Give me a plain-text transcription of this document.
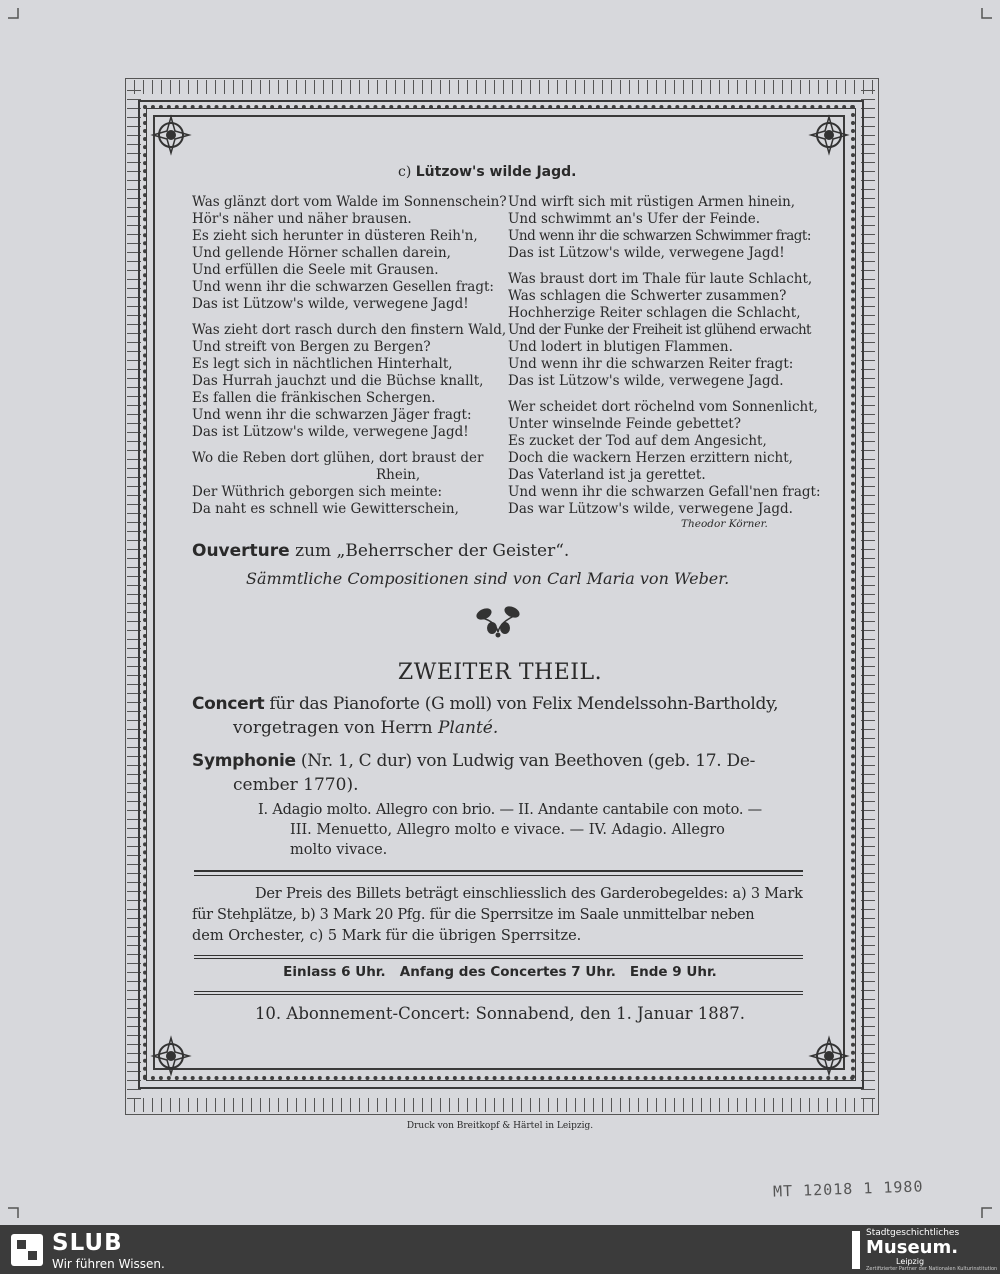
c) Lützow's wilde Jagd.
Was glänzt dort vom Walde im Sonnenschein?
Hör's näher und näher brausen.
Es zieht sich herunter in düsteren Reih'n,
Und gellende Hörner schallen darein,
Und erfüllen die Seele mit Grausen.
Und wenn ihr die schwarzen Gesellen fragt:
Das ist Lützow's wilde, verwegene Jagd!
Was zieht dort rasch durch den finstern Wald,
Und streift von Bergen zu Bergen?
Es legt sich in nächtlichen Hinterhalt,
Das Hurrah jauchzt und die Büchse knallt,
Es fallen die fränkischen Schergen.
Und wenn ihr die schwarzen Jäger fragt:
Das ist Lützow's wilde, verwegene Jagd!
Wo die Reben dort glühen, dort braust der
Rhein,
Der Wüthrich geborgen sich meinte:
Da naht es schnell wie Gewitterschein,
Und wirft sich mit rüstigen Armen hinein,
Und schwimmt an's Ufer der Feinde.
Und wenn ihr die schwarzen Schwimmer fragt:
Das ist Lützow's wilde, verwegene Jagd!
Was braust dort im Thale für laute Schlacht,
Was schlagen die Schwerter zusammen?
Hochherzige Reiter schlagen die Schlacht,
Und der Funke der Freiheit ist glühend erwacht
Und lodert in blutigen Flammen.
Und wenn ihr die schwarzen Reiter fragt:
Das ist Lützow's wilde, verwegene Jagd.
Wer scheidet dort röchelnd vom Sonnenlicht,
Unter winselnde Feinde gebettet?
Es zucket der Tod auf dem Angesicht,
Doch die wackern Herzen erzittern nicht,
Das Vaterland ist ja gerettet.
Und wenn ihr die schwarzen Gefall'nen fragt:
Das war Lützow's wilde, verwegene Jagd.
Theodor Körner.
Ouverture zum „Beherrscher der Geister“.
Sämmtliche Compositionen sind von Carl Maria von Weber.
ZWEITER THEIL.
Concert für das Pianoforte (G moll) von Felix Mendelssohn-Bartholdy,
vorgetragen von Herrn Planté.
Symphonie (Nr. 1, C dur) von Ludwig van Beethoven (geb. 17. De-
cember 1770).
I. Adagio molto. Allegro con brio. — II. Andante cantabile con moto. —
III. Menuetto, Allegro molto e vivace. — IV. Adagio. Allegro
molto vivace.
Der Preis des Billets beträgt einschliesslich des Garderobegeldes: a) 3 Mark
für Stehplätze, b) 3 Mark 20 Pfg. für die Sperrsitze im Saale unmittelbar neben
dem Orchester, c) 5 Mark für die übrigen Sperrsitze.
Einlass 6 Uhr.   Anfang des Concertes 7 Uhr.   Ende 9 Uhr.
10. Abonnement-Concert: Sonnabend, den 1. Januar 1887.
Druck von Breitkopf & Härtel in Leipzig.
MT 12018 1 1980
SLUB
Wir führen Wissen.
Stadtgeschichtliches
Museum.
Leipzig
Zertifizierter Partner der Nationalen Kulturinstitution
